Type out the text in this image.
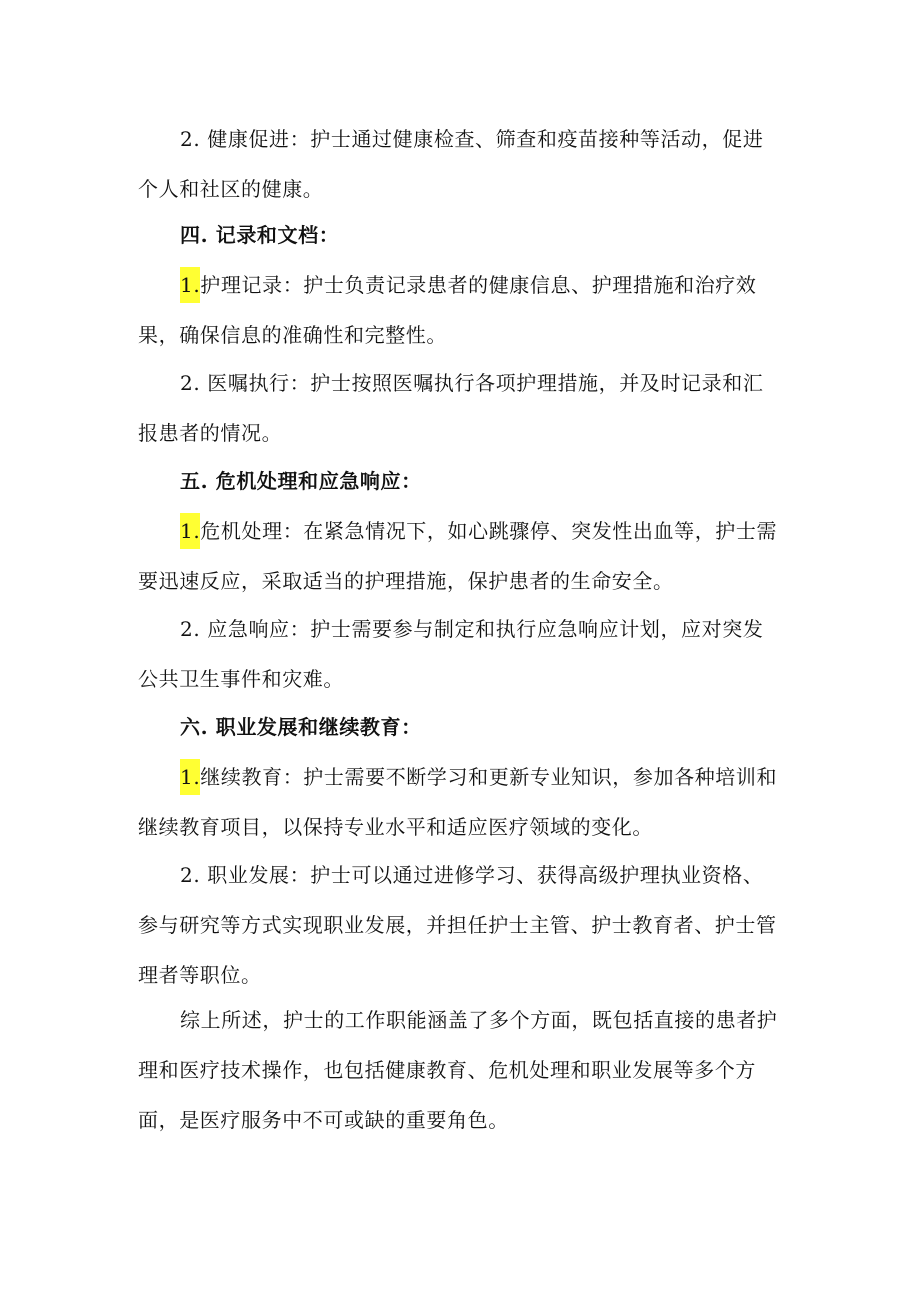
2. 健康促进：护士通过健康检查、筛查和疫苗接种等活动，促进个人和社区的健康。

四. 记录和文档：

1.护理记录：护士负责记录患者的健康信息、护理措施和治疗效果，确保信息的准确性和完整性。

2. 医嘱执行：护士按照医嘱执行各项护理措施，并及时记录和汇报患者的情况。

五. 危机处理和应急响应：

1.危机处理：在紧急情况下，如心跳骤停、突发性出血等，护士需要迅速反应，采取适当的护理措施，保护患者的生命安全。

2. 应急响应：护士需要参与制定和执行应急响应计划，应对突发公共卫生事件和灾难。

六. 职业发展和继续教育：

1.继续教育：护士需要不断学习和更新专业知识，参加各种培训和继续教育项目，以保持专业水平和适应医疗领域的变化。

2. 职业发展：护士可以通过进修学习、获得高级护理执业资格、参与研究等方式实现职业发展，并担任护士主管、护士教育者、护士管理者等职位。

综上所述，护士的工作职能涵盖了多个方面，既包括直接的患者护理和医疗技术操作，也包括健康教育、危机处理和职业发展等多个方面，是医疗服务中不可或缺的重要角色。
